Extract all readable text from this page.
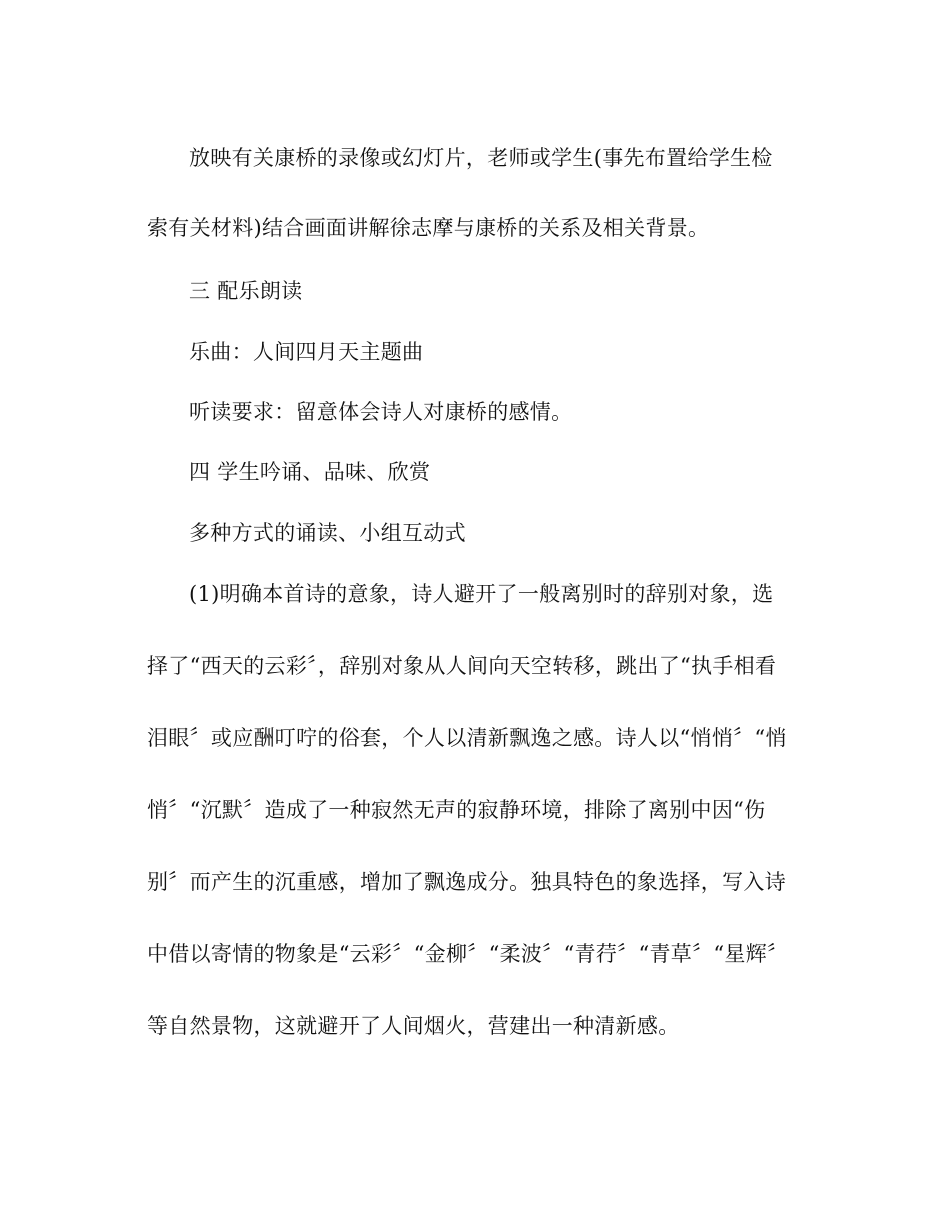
放映有关康桥的录像或幻灯片，老师或学生(事先布置给学生检
索有关材料)结合画面讲解徐志摩与康桥的关系及相关背景。
三 配乐朗读
乐曲：人间四月天主题曲
听读要求：留意体会诗人对康桥的感情。
四 学生吟诵、品味、欣赏
多种方式的诵读、小组互动式
(1)明确本首诗的意象，诗人避开了一般离别时的辞别对象，选
择了“西天的云彩〞，辞别对象从人间向天空转移，跳出了“执手相看
泪眼〞或应酬叮咛的俗套，个人以清新飘逸之感。诗人以“悄悄〞“悄
悄〞“沉默〞造成了一种寂然无声的寂静环境，排除了离别中因“伤
别〞而产生的沉重感，增加了飘逸成分。独具特色的象选择，写入诗
中借以寄情的物象是“云彩〞“金柳〞“柔波〞“青荇〞“青草〞“星辉〞
等自然景物，这就避开了人间烟火，营建出一种清新感。
